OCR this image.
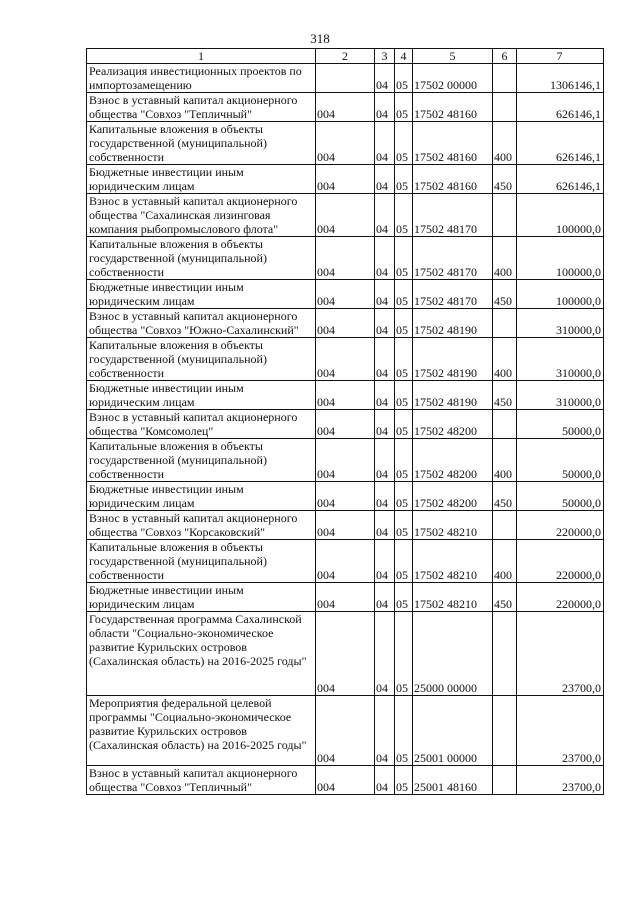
318
1	2	3	4	5	6	7
Реализация инвестиционных проектов по импортозамещению		04	05	17502 00000		1306146,1
Взнос в уставный капитал акционерного общества "Совхоз "Тепличный"	004	04	05	17502 48160		626146,1
Капитальные вложения в объекты государственной (муниципальной) собственности	004	04	05	17502 48160	400	626146,1
Бюджетные инвестиции иным юридическим лицам	004	04	05	17502 48160	450	626146,1
Взнос в уставный капитал акционерного общества "Сахалинская лизинговая компания рыбопромыслового флота"	004	04	05	17502 48170		100000,0
Капитальные вложения в объекты государственной (муниципальной) собственности	004	04	05	17502 48170	400	100000,0
Бюджетные инвестиции иным юридическим лицам	004	04	05	17502 48170	450	100000,0
Взнос в уставный капитал акционерного общества "Совхоз "Южно-Сахалинский"	004	04	05	17502 48190		310000,0
Капитальные вложения в объекты государственной (муниципальной) собственности	004	04	05	17502 48190	400	310000,0
Бюджетные инвестиции иным юридическим лицам	004	04	05	17502 48190	450	310000,0
Взнос в уставный капитал акционерного общества "Комсомолец"	004	04	05	17502 48200		50000,0
Капитальные вложения в объекты государственной (муниципальной) собственности	004	04	05	17502 48200	400	50000,0
Бюджетные инвестиции иным юридическим лицам	004	04	05	17502 48200	450	50000,0
Взнос в уставный капитал акционерного общества "Совхоз "Корсаковский"	004	04	05	17502 48210		220000,0
Капитальные вложения в объекты государственной (муниципальной) собственности	004	04	05	17502 48210	400	220000,0
Бюджетные инвестиции иным юридическим лицам	004	04	05	17502 48210	450	220000,0
Государственная программа Сахалинской области "Социально-экономическое развитие Курильских островов (Сахалинская область) на 2016-2025 годы"	004	04	05	25000 00000		23700,0
Мероприятия федеральной целевой программы "Социально-экономическое развитие Курильских островов (Сахалинская область) на 2016-2025 годы"	004	04	05	25001 00000		23700,0
Взнос в уставный капитал акционерного общества "Совхоз "Тепличный"	004	04	05	25001 48160		23700,0
